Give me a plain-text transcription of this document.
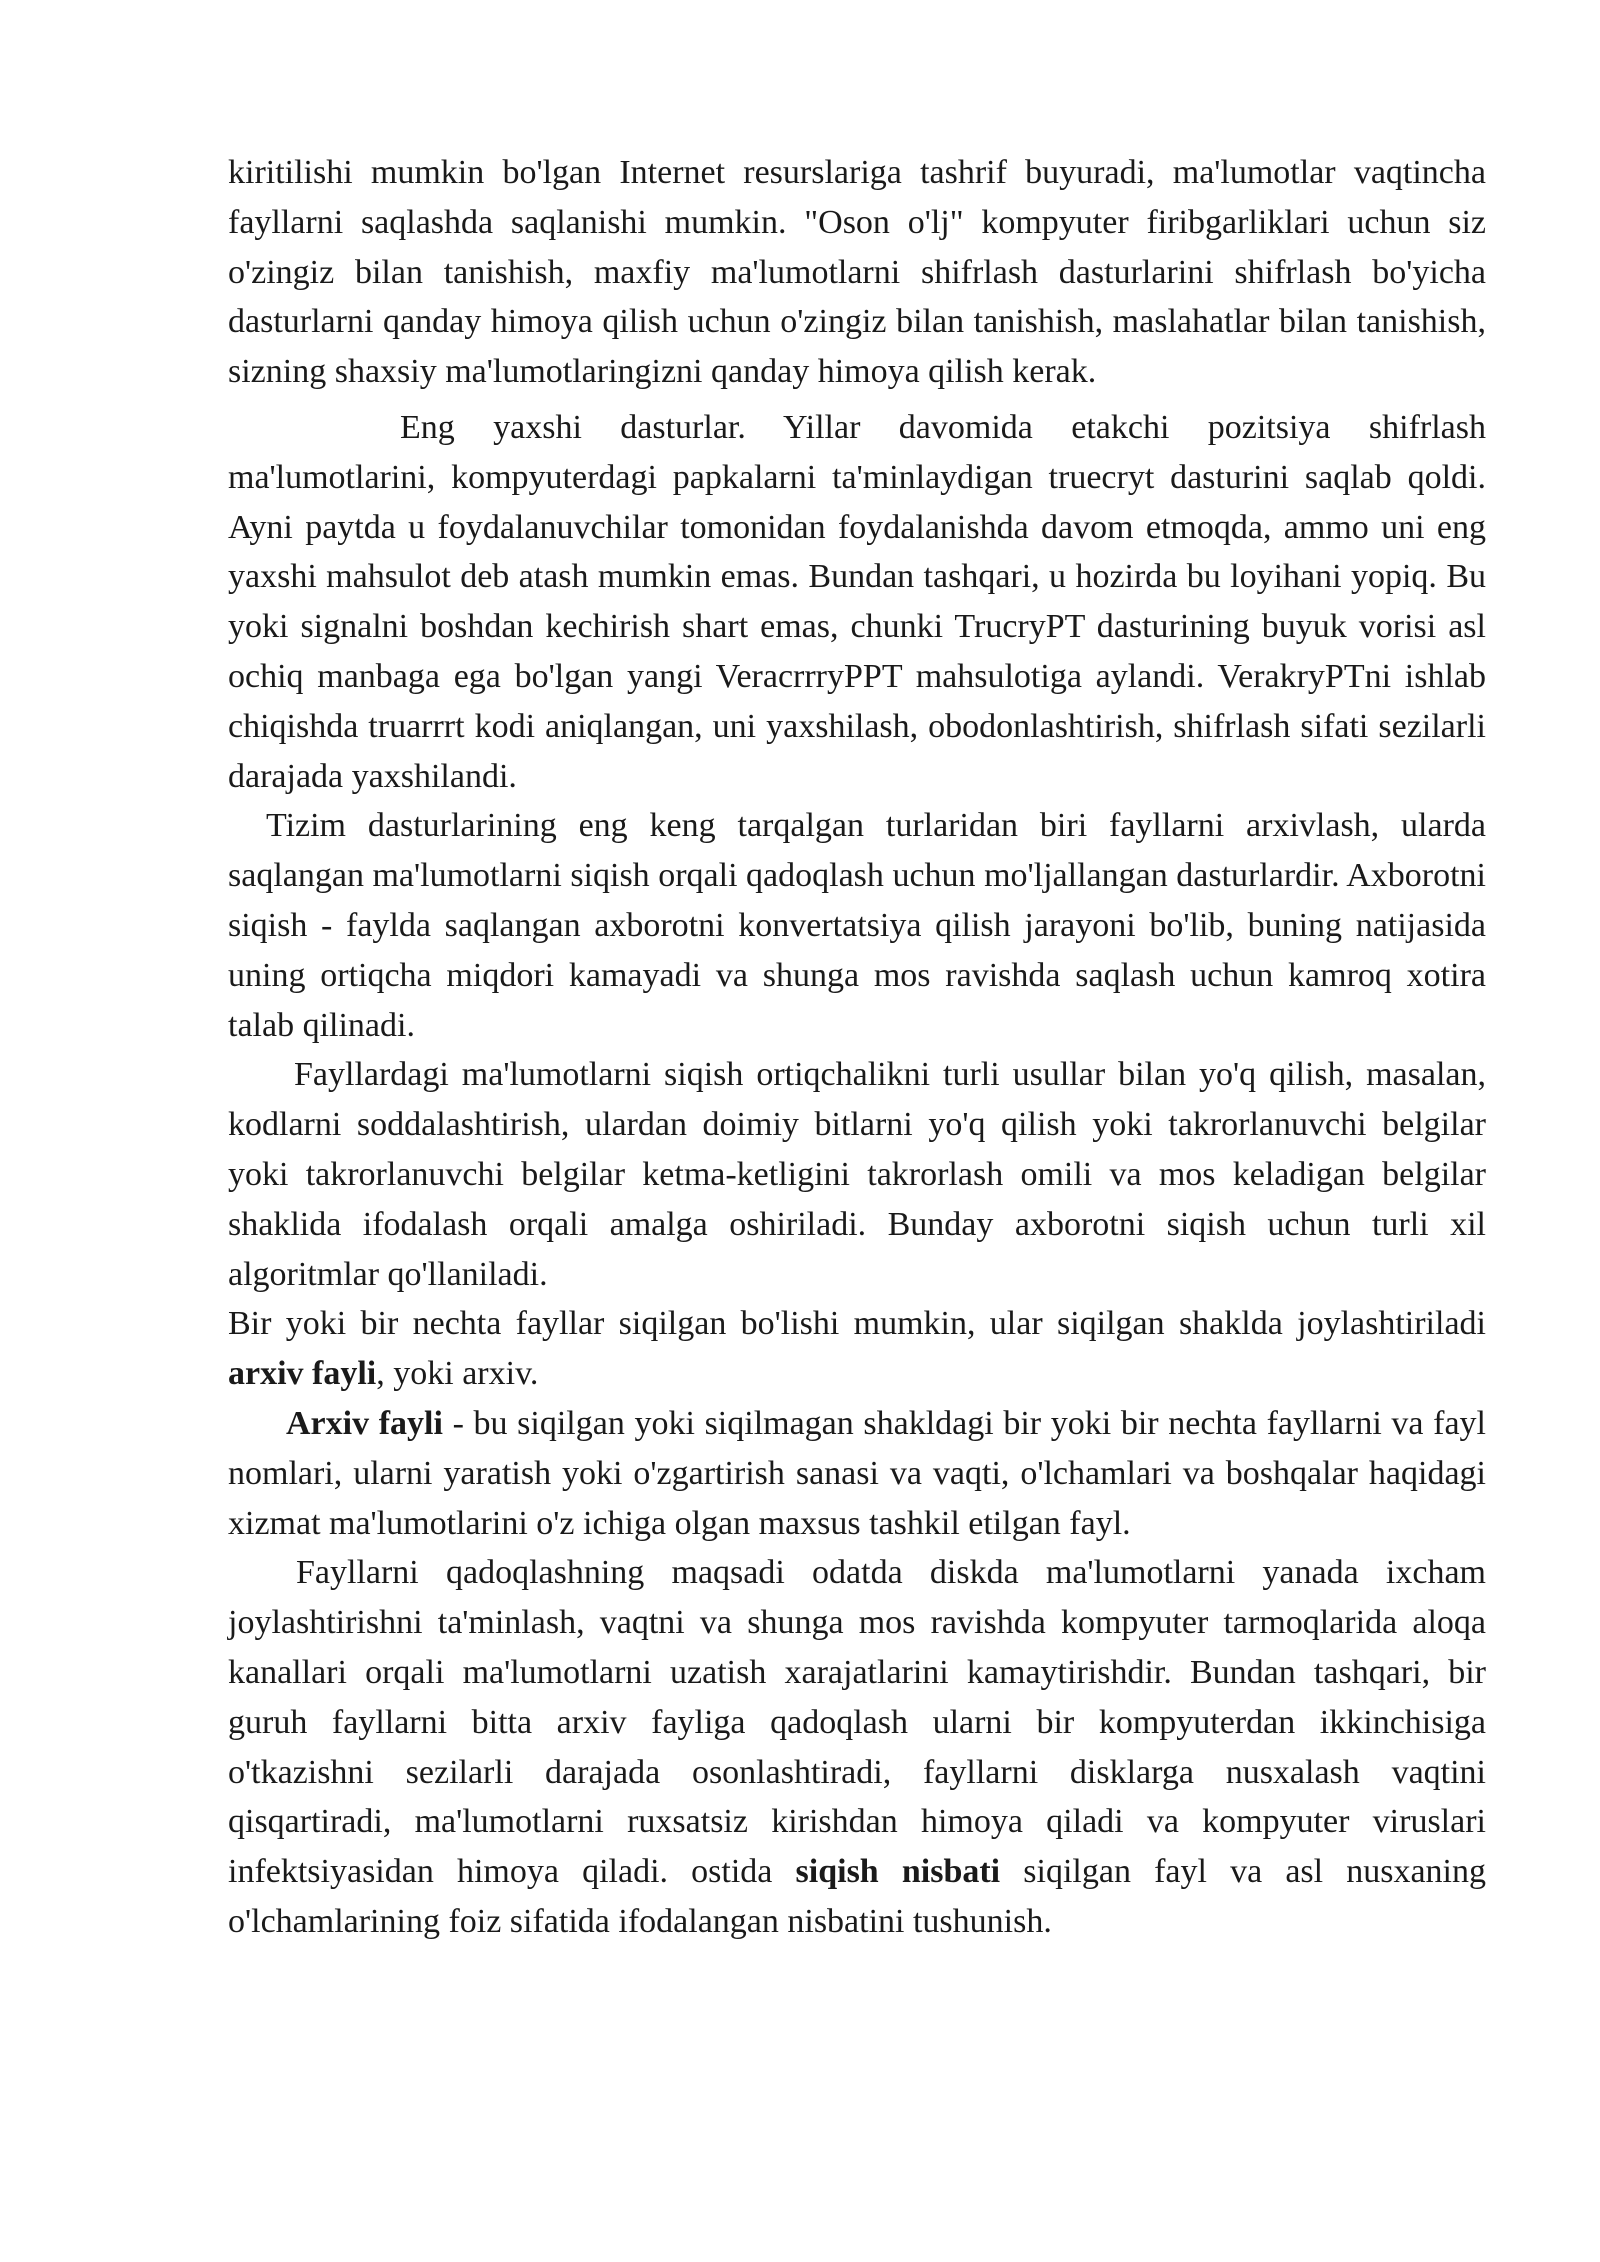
kiritilishi mumkin bo'lgan Internet resurslariga tashrif buyuradi, ma'lumotlar vaqtincha fayllarni saqlashda saqlanishi mumkin. "Oson o'lj" kompyuter firibgarliklari uchun siz o'zingiz bilan tanishish, maxfiy ma'lumotlarni shifrlash dasturlarini shifrlash bo'yicha dasturlarni qanday himoya qilish uchun o'zingiz bilan tanishish, maslahatlar bilan tanishish, sizning shaxsiy ma'lumotlaringizni qanday himoya qilish kerak.

Eng yaxshi dasturlar. Yillar davomida etakchi pozitsiya shifrlash ma'lumotlarini, kompyuterdagi papkalarni ta'minlaydigan truecryt dasturini saqlab qoldi. Ayni paytda u foydalanuvchilar tomonidan foydalanishda davom etmoqda, ammo uni eng yaxshi mahsulot deb atash mumkin emas. Bundan tashqari, u hozirda bu loyihani yopiq. Bu yoki signalni boshdan kechirish shart emas, chunki TrucryPT dasturining buyuk vorisi asl ochiq manbaga ega bo'lgan yangi VeracrrryPPT mahsulotiga aylandi. VerakryPTni ishlab chiqishda truarrrt kodi aniqlangan, uni yaxshilash, obodonlashtirish, shifrlash sifati sezilarli darajada yaxshilandi.

Tizim dasturlarining eng keng tarqalgan turlaridan biri fayllarni arxivlash, ularda saqlangan ma'lumotlarni siqish orqali qadoqlash uchun mo'ljallangan dasturlardir. Axborotni siqish - faylda saqlangan axborotni konvertatsiya qilish jarayoni bo'lib, buning natijasida uning ortiqcha miqdori kamayadi va shunga mos ravishda saqlash uchun kamroq xotira talab qilinadi.

Fayllardagi ma'lumotlarni siqish ortiqchalikni turli usullar bilan yo'q qilish, masalan, kodlarni soddalashtirish, ulardan doimiy bitlarni yo'q qilish yoki takrorlanuvchi belgilar yoki takrorlanuvchi belgilar ketma-ketligini takrorlash omili va mos keladigan belgilar shaklida ifodalash orqali amalga oshiriladi. Bunday axborotni siqish uchun turli xil algoritmlar qo'llaniladi.

Bir yoki bir nechta fayllar siqilgan bo'lishi mumkin, ular siqilgan shaklda joylashtiriladi arxiv fayli, yoki arxiv.

Arxiv fayli - bu siqilgan yoki siqilmagan shakldagi bir yoki bir nechta fayllarni va fayl nomlari, ularni yaratish yoki o'zgartirish sanasi va vaqti, o'lchamlari va boshqalar haqidagi xizmat ma'lumotlarini o'z ichiga olgan maxsus tashkil etilgan fayl.

Fayllarni qadoqlashning maqsadi odatda diskda ma'lumotlarni yanada ixcham joylashtirishni ta'minlash, vaqtni va shunga mos ravishda kompyuter tarmoqlarida aloqa kanallari orqali ma'lumotlarni uzatish xarajatlarini kamaytirishdir. Bundan tashqari, bir guruh fayllarni bitta arxiv fayliga qadoqlash ularni bir kompyuterdan ikkinchisiga o'tkazishni sezilarli darajada osonlashtiradi, fayllarni disklarga nusxalash vaqtini qisqartiradi, ma'lumotlarni ruxsatsiz kirishdan himoya qiladi va kompyuter viruslari infektsiyasidan himoya qiladi. ostida siqish nisbati siqilgan fayl va asl nusxaning o'lchamlarining foiz sifatida ifodalangan nisbatini tushunish.
